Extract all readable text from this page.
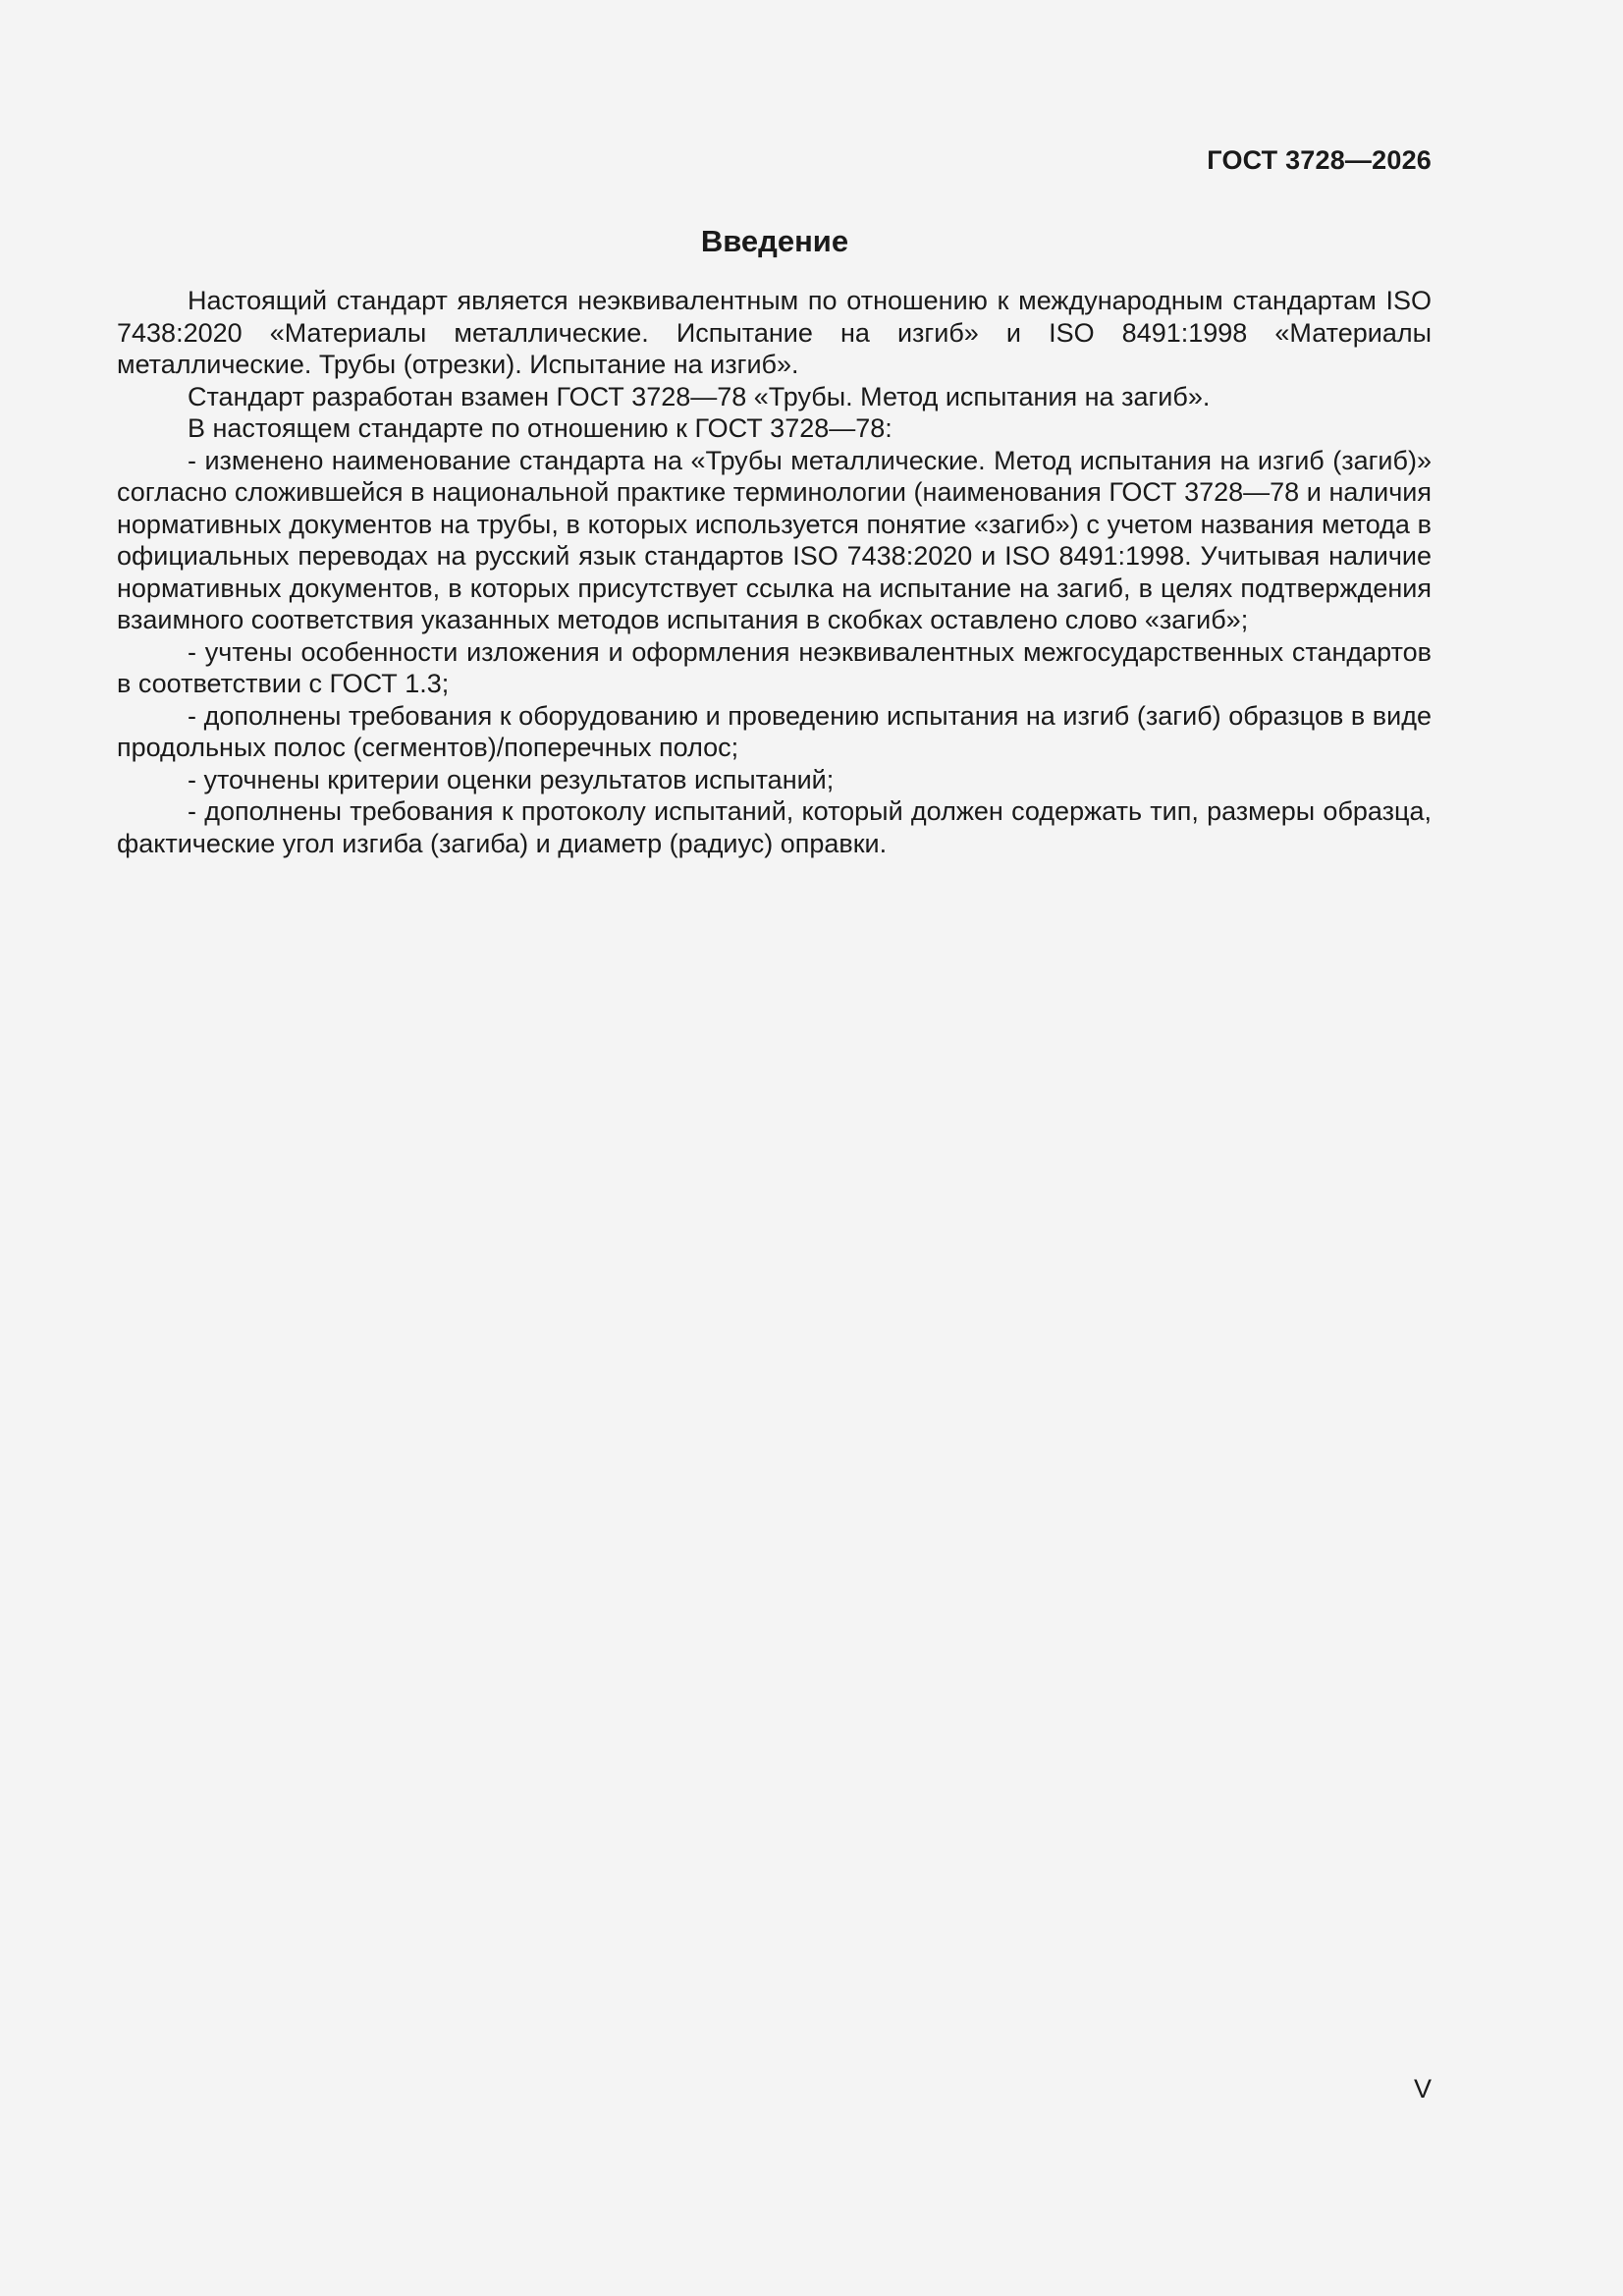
ГОСТ 3728—2026
Введение

Настоящий стандарт является неэквивалентным по отношению к международным стандартам ISO 7438:2020 «Материалы металлические. Испытание на изгиб» и ISO 8491:1998 «Материалы металлические. Трубы (отрезки). Испытание на изгиб».

Стандарт разработан взамен ГОСТ 3728—78 «Трубы. Метод испытания на загиб».

В настоящем стандарте по отношению к ГОСТ 3728—78:

- изменено наименование стандарта на «Трубы металлические. Метод испытания на изгиб (загиб)» согласно сложившейся в национальной практике терминологии (наименования ГОСТ 3728—78 и наличия нормативных документов на трубы, в которых используется понятие «загиб») с учетом названия метода в официальных переводах на русский язык стандартов ISO 7438:2020 и ISO 8491:1998. Учитывая наличие нормативных документов, в которых присутствует ссылка на испытание на загиб, в целях подтверждения взаимного соответствия указанных методов испытания в скобках оставлено слово «загиб»;

- учтены особенности изложения и оформления неэквивалентных межгосударственных стандартов в соответствии с ГОСТ 1.3;

- дополнены требования к оборудованию и проведению испытания на изгиб (загиб) образцов в виде продольных полос (сегментов)/поперечных полос;

- уточнены критерии оценки результатов испытаний;

- дополнены требования к протоколу испытаний, который должен содержать тип, размеры образца, фактические угол изгиба (загиба) и диаметр (радиус) оправки.

V
